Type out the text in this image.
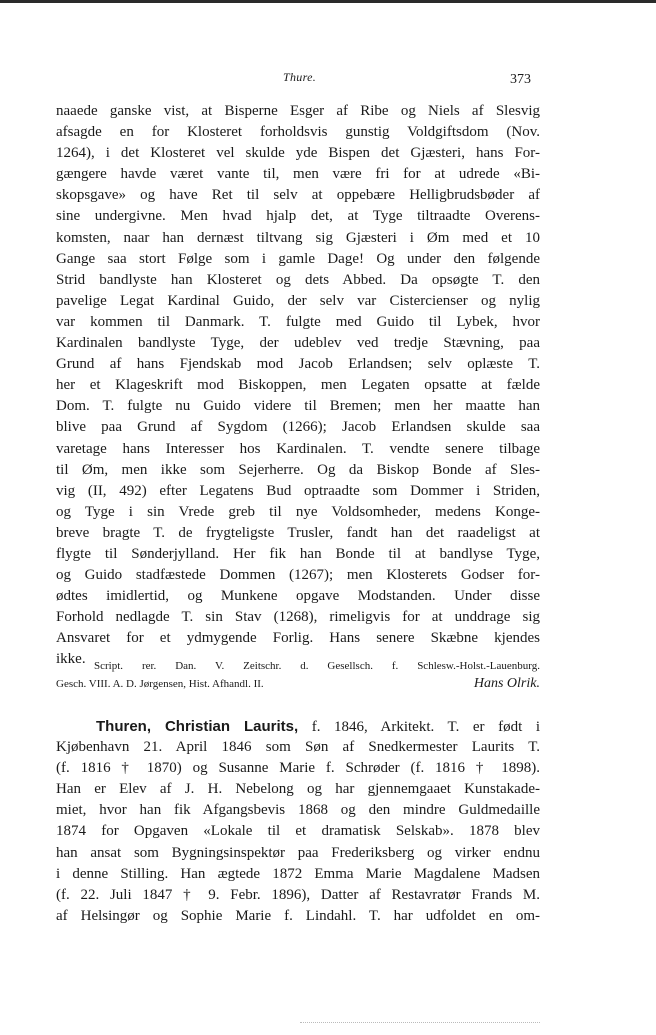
Thure.	373
naaede ganske vist, at Bisperne Esger af Ribe og Niels af Slesvig
afsagde en for Klosteret forholdsvis gunstig Voldgiftsdom (Nov.
1264), i det Klosteret vel skulde yde Bispen det Gjæsteri, hans For-
gængere havde været vante til, men være fri for at udrede «Bi-
skopsgave» og have Ret til selv at oppebære Helligbrudsbøder af
sine undergivne. Men hvad hjalp det, at Tyge tiltraadte Overens-
komsten, naar han dernæst tiltvang sig Gjæsteri i Øm med et 10
Gange saa stort Følge som i gamle Dage! Og under den følgende
Strid bandlyste han Klosteret og dets Abbed. Da opsøgte T. den
pavelige Legat Kardinal Guido, der selv var Cistercienser og nylig
var kommen til Danmark. T. fulgte med Guido til Lybek, hvor
Kardinalen bandlyste Tyge, der udeblev ved tredje Stævning, paa
Grund af hans Fjendskab mod Jacob Erlandsen; selv oplæste T.
her et Klageskrift mod Biskoppen, men Legaten opsatte at fælde
Dom. T. fulgte nu Guido videre til Bremen; men her maatte han
blive paa Grund af Sygdom (1266); Jacob Erlandsen skulde saa
varetage hans Interesser hos Kardinalen. T. vendte senere tilbage
til Øm, men ikke som Sejerherre. Og da Biskop Bonde af Sles-
vig (II, 492) efter Legatens Bud optraadte som Dommer i Striden,
og Tyge i sin Vrede greb til nye Voldsomheder, medens Konge-
breve bragte T. de frygteligste Trusler, fandt han det raadeligst at
flygte til Sønderjylland. Her fik han Bonde til at bandlyse Tyge,
og Guido stadfæstede Dommen (1267); men Klosterets Godser for-
ødtes imidlertid, og Munkene opgave Modstanden. Under disse
Forhold nedlagde T. sin Stav (1268), rimeligvis for at unddrage sig
Ansvaret for et ydmygende Forlig. Hans senere Skæbne kjendes
ikke. Script. rer. Dan. V. Zeitschr. d. Gesellsch. f. Schlesw.-Holst.-Lauenburg.
Gesch. VIII. A. D. Jørgensen, Hist. Afhandl. II.	Hans Olrik.
Thuren, Christian Laurits, f. 1846, Arkitekt. T. er født i
Kjøbenhavn 21. April 1846 som Søn af Snedkermester Laurits T.
(f. 1816 † 1870) og Susanne Marie f. Schrøder (f. 1816 † 1898).
Han er Elev af J. H. Nebelong og har gjennemgaaet Kunstakade-
miet, hvor han fik Afgangsbevis 1868 og den mindre Guldmedaille
1874 for Opgaven «Lokale til et dramatisk Selskab». 1878 blev
han ansat som Bygningsinspektør paa Frederiksberg og virker endnu
i denne Stilling. Han ægtede 1872 Emma Marie Magdalene Madsen
(f. 22. Juli 1847 † 9. Febr. 1896), Datter af Restavratør Frands M.
af Helsingør og Sophie Marie f. Lindahl. T. har udfoldet en om-
